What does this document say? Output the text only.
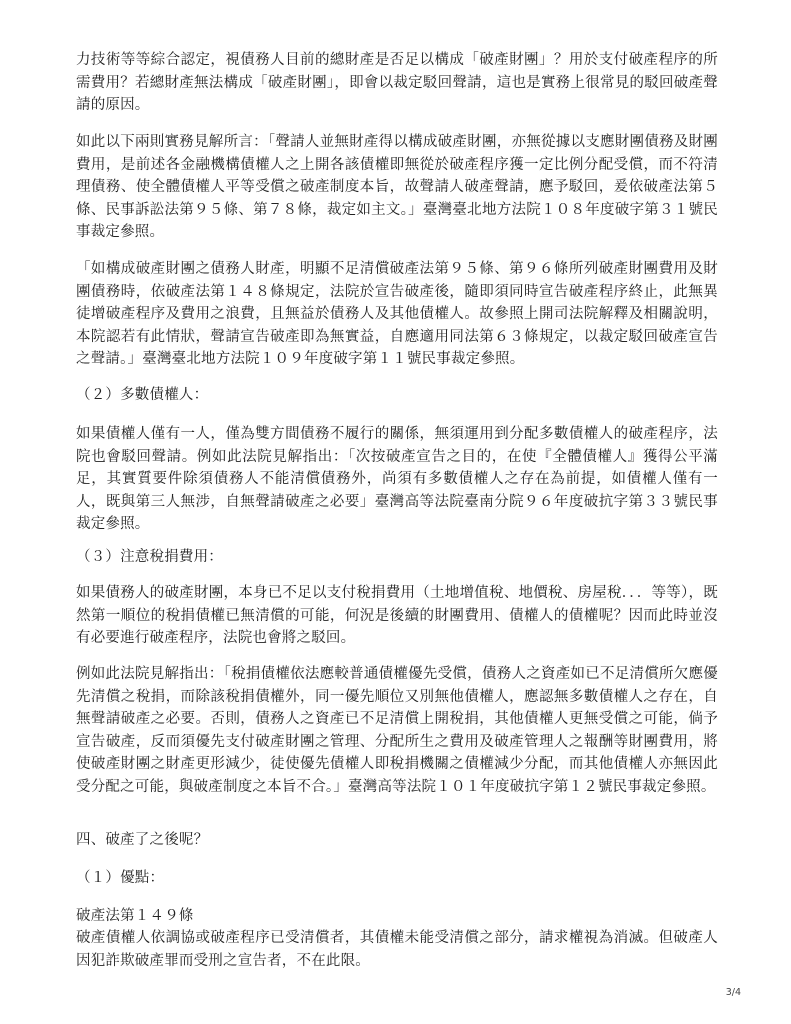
力技術等等綜合認定，視債務人目前的總財產是否足以構成「破產財團」？用於支付破產程序的所需費用？若總財產無法構成「破產財團」，即會以裁定駁回聲請，這也是實務上很常見的駁回破產聲請的原因。

如此以下兩則實務見解所言：「聲請人並無財產得以構成破產財團，亦無從據以支應財團債務及財團費用，是前述各金融機構債權人之上開各該債權即無從於破產程序獲一定比例分配受償，而不符清理債務、使全體債權人平等受償之破產制度本旨，故聲請人破產聲請，應予駁回，爰依破產法第５條、民事訴訟法第９５條、第７８條，裁定如主文。」臺灣臺北地方法院１０８年度破字第３１號民事裁定參照。

「如構成破產財團之債務人財產，明顯不足清償破產法第９５條、第９６條所列破產財團費用及財團債務時，依破產法第１４８條規定，法院於宣告破產後，隨即須同時宣告破產程序終止，此無異徒增破產程序及費用之浪費，且無益於債務人及其他債權人。故參照上開司法院解釋及相關說明，本院認若有此情狀，聲請宣告破產即為無實益，自應適用同法第６３條規定，以裁定駁回破產宣告之聲請。」臺灣臺北地方法院１０９年度破字第１１號民事裁定參照。

（２）多數債權人：

如果債權人僅有一人，僅為雙方間債務不履行的關係，無須運用到分配多數債權人的破產程序，法院也會駁回聲請。例如此法院見解指出：「次按破產宣告之目的，在使『全體債權人』獲得公平滿足，其實質要件除須債務人不能清償債務外，尚須有多數債權人之存在為前提，如債權人僅有一人，既與第三人無涉，自無聲請破產之必要」臺灣高等法院臺南分院９６年度破抗字第３３號民事裁定參照。

（３）注意稅捐費用：

如果債務人的破產財團，本身已不足以支付稅捐費用（土地增值稅、地價稅、房屋稅．．．等等），既然第一順位的稅捐債權已無清償的可能，何況是後續的財團費用、債權人的債權呢？因而此時並沒有必要進行破產程序，法院也會將之駁回。

例如此法院見解指出：「稅捐債權依法應較普通債權優先受償，債務人之資產如已不足清償所欠應優先清償之稅捐，而除該稅捐債權外，同一優先順位又別無他債權人，應認無多數債權人之存在，自無聲請破產之必要。否則，債務人之資產已不足清償上開稅捐，其他債權人更無受償之可能，倘予宣告破產，反而須優先支付破產財團之管理、分配所生之費用及破產管理人之報酬等財團費用，將使破產財團之財產更形減少，徒使優先債權人即稅捐機關之債權減少分配，而其他債權人亦無因此受分配之可能，與破產制度之本旨不合。」臺灣高等法院１０１年度破抗字第１２號民事裁定參照。

四、破產了之後呢？

（１）優點：

破產法第１４９條

破產債權人依調協或破產程序已受清償者，其債權未能受清償之部分，請求權視為消滅。但破產人因犯詐欺破產罪而受刑之宣告者，不在此限。

3/4
